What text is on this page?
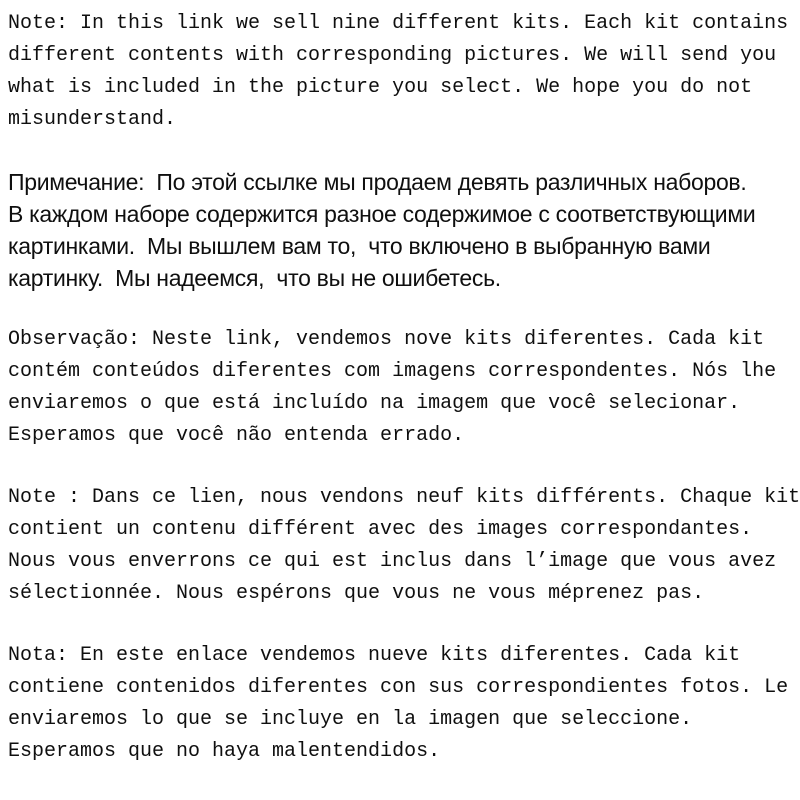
Note: In this link we sell nine different kits. Each kit contains
different contents with corresponding pictures. We will send you
what is included in the picture you select. We hope you do not
misunderstand.
Примечание:  По этой ссылке мы продаем девять различных наборов.
В каждом наборе содержится разное содержимое с соответствующими
картинками.  Мы вышлем вам то,  что включено в выбранную вами
картинку.  Мы надеемся,  что вы не ошибетесь.
Observação: Neste link, vendemos nove kits diferentes. Cada kit
contém conteúdos diferentes com imagens correspondentes. Nós lhe
enviaremos o que está incluído na imagem que você selecionar.
Esperamos que você não entenda errado.
Note : Dans ce lien, nous vendons neuf kits différents. Chaque kit
contient un contenu différent avec des images correspondantes.
Nous vous enverrons ce qui est inclus dans l’image que vous avez
sélectionnée. Nous espérons que vous ne vous méprenez pas.
Nota: En este enlace vendemos nueve kits diferentes. Cada kit
contiene contenidos diferentes con sus correspondientes fotos. Le
enviaremos lo que se incluye en la imagen que seleccione.
Esperamos que no haya malentendidos.
